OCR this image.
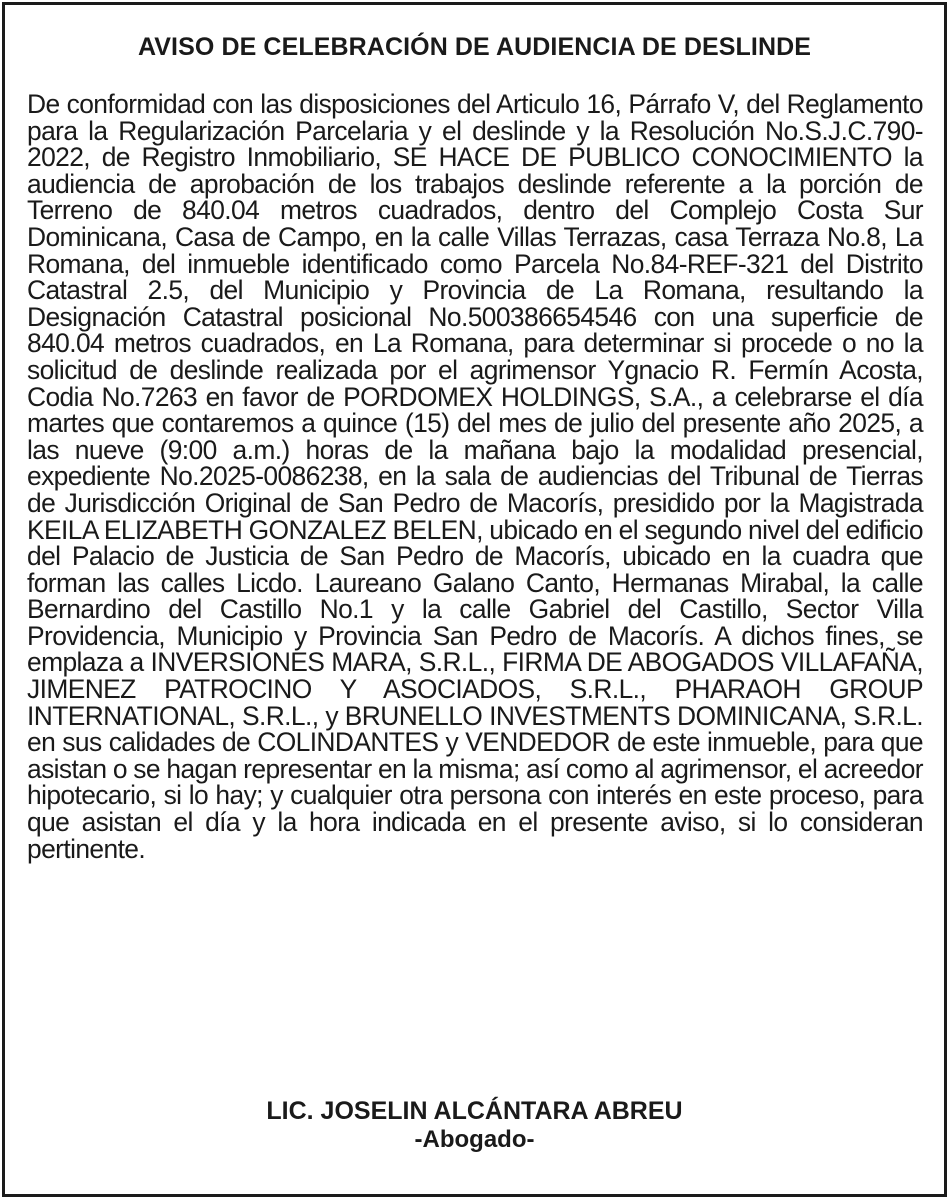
AVISO DE CELEBRACIÓN DE AUDIENCIA DE DESLINDE

De conformidad con las disposiciones del Articulo 16, Párrafo V, del Reglamento para la Regularización Parcelaria y el deslinde y la Resolución No.S.J.C.790-2022, de Registro Inmobiliario, SE HACE DE PUBLICO CONOCIMIENTO la audiencia de aprobación de los trabajos deslinde referente a la porción de Terreno de 840.04 metros cuadrados, dentro del Complejo Costa Sur Dominicana, Casa de Campo, en la calle Villas Terrazas, casa Terraza No.8, La Romana, del inmueble identificado como Parcela No.84-REF-321 del Distrito Catastral 2.5, del Municipio y Provincia de La Romana, resultando la Designación Catastral posicional No.500386654546 con una superficie de 840.04 metros cuadrados, en La Romana, para determinar si procede o no la solicitud de deslinde realizada por el agrimensor Ygnacio R. Fermín Acosta, Codia No.7263 en favor de PORDOMEX HOLDINGS, S.A., a celebrarse el día martes que contaremos a quince (15) del mes de julio del presente año 2025, a las nueve (9:00 a.m.) horas de la mañana bajo la modalidad presencial, expediente No.2025-0086238, en la sala de audiencias del Tribunal de Tierras de Jurisdicción Original de San Pedro de Macorís, presidido por la Magistrada KEILA ELIZABETH GONZALEZ BELEN, ubicado en el segundo nivel del edificio del Palacio de Justicia de San Pedro de Macorís, ubicado en la cuadra que forman las calles Licdo. Laureano Galano Canto, Hermanas Mirabal, la calle Bernardino del Castillo No.1 y la calle Gabriel del Castillo, Sector Villa Providencia, Municipio y Provincia San Pedro de Macorís. A dichos fines, se emplaza a INVERSIONES MARA, S.R.L., FIRMA DE ABOGADOS VILLAFAÑA, JIMENEZ PATROCINO Y ASOCIADOS, S.R.L., PHARAOH GROUP INTERNATIONAL, S.R.L., y BRUNELLO INVESTMENTS DOMINICANA, S.R.L. en sus calidades de COLINDANTES y VENDEDOR de este inmueble, para que asistan o se hagan representar en la misma; así como al agrimensor, el acreedor hipotecario, si lo hay; y cualquier otra persona con interés en este proceso, para que asistan el día y la hora indicada en el presente aviso, si lo consideran pertinente.

LIC. JOSELIN ALCÁNTARA ABREU
-Abogado-
